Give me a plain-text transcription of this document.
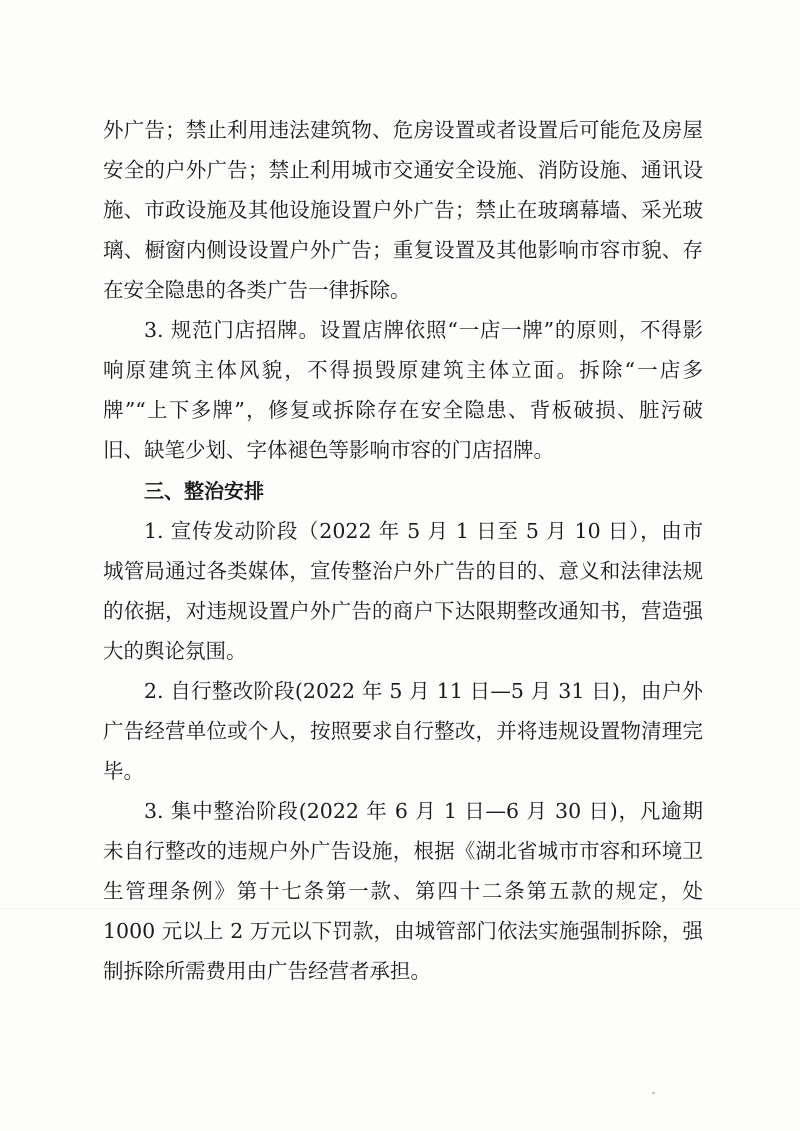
外广告；禁止利用违法建筑物、危房设置或者设置后可能危及房屋安全的户外广告；禁止利用城市交通安全设施、消防设施、通讯设施、市政设施及其他设施设置户外广告；禁止在玻璃幕墙、采光玻璃、橱窗内侧设设置户外广告；重复设置及其他影响市容市貌、存在安全隐患的各类广告一律拆除。

3. 规范门店招牌。设置店牌依照“一店一牌”的原则，不得影响原建筑主体风貌，不得损毁原建筑主体立面。拆除“一店多牌”“上下多牌”，修复或拆除存在安全隐患、背板破损、脏污破旧、缺笔少划、字体褪色等影响市容的门店招牌。

三、整治安排

1. 宣传发动阶段（2022 年 5 月 1 日至 5 月 10 日），由市城管局通过各类媒体，宣传整治户外广告的目的、意义和法律法规的依据，对违规设置户外广告的商户下达限期整改通知书，营造强大的舆论氛围。

2. 自行整改阶段(2022 年 5 月 11 日—5 月 31 日)，由户外广告经营单位或个人，按照要求自行整改，并将违规设置物清理完毕。

3. 集中整治阶段(2022 年 6 月 1 日—6 月 30 日)，凡逾期未自行整改的违规户外广告设施，根据《湖北省城市市容和环境卫生管理条例》第十七条第一款、第四十二条第五款的规定，处 1000 元以上 2 万元以下罚款，由城管部门依法实施强制拆除，强制拆除所需费用由广告经营者承担。
